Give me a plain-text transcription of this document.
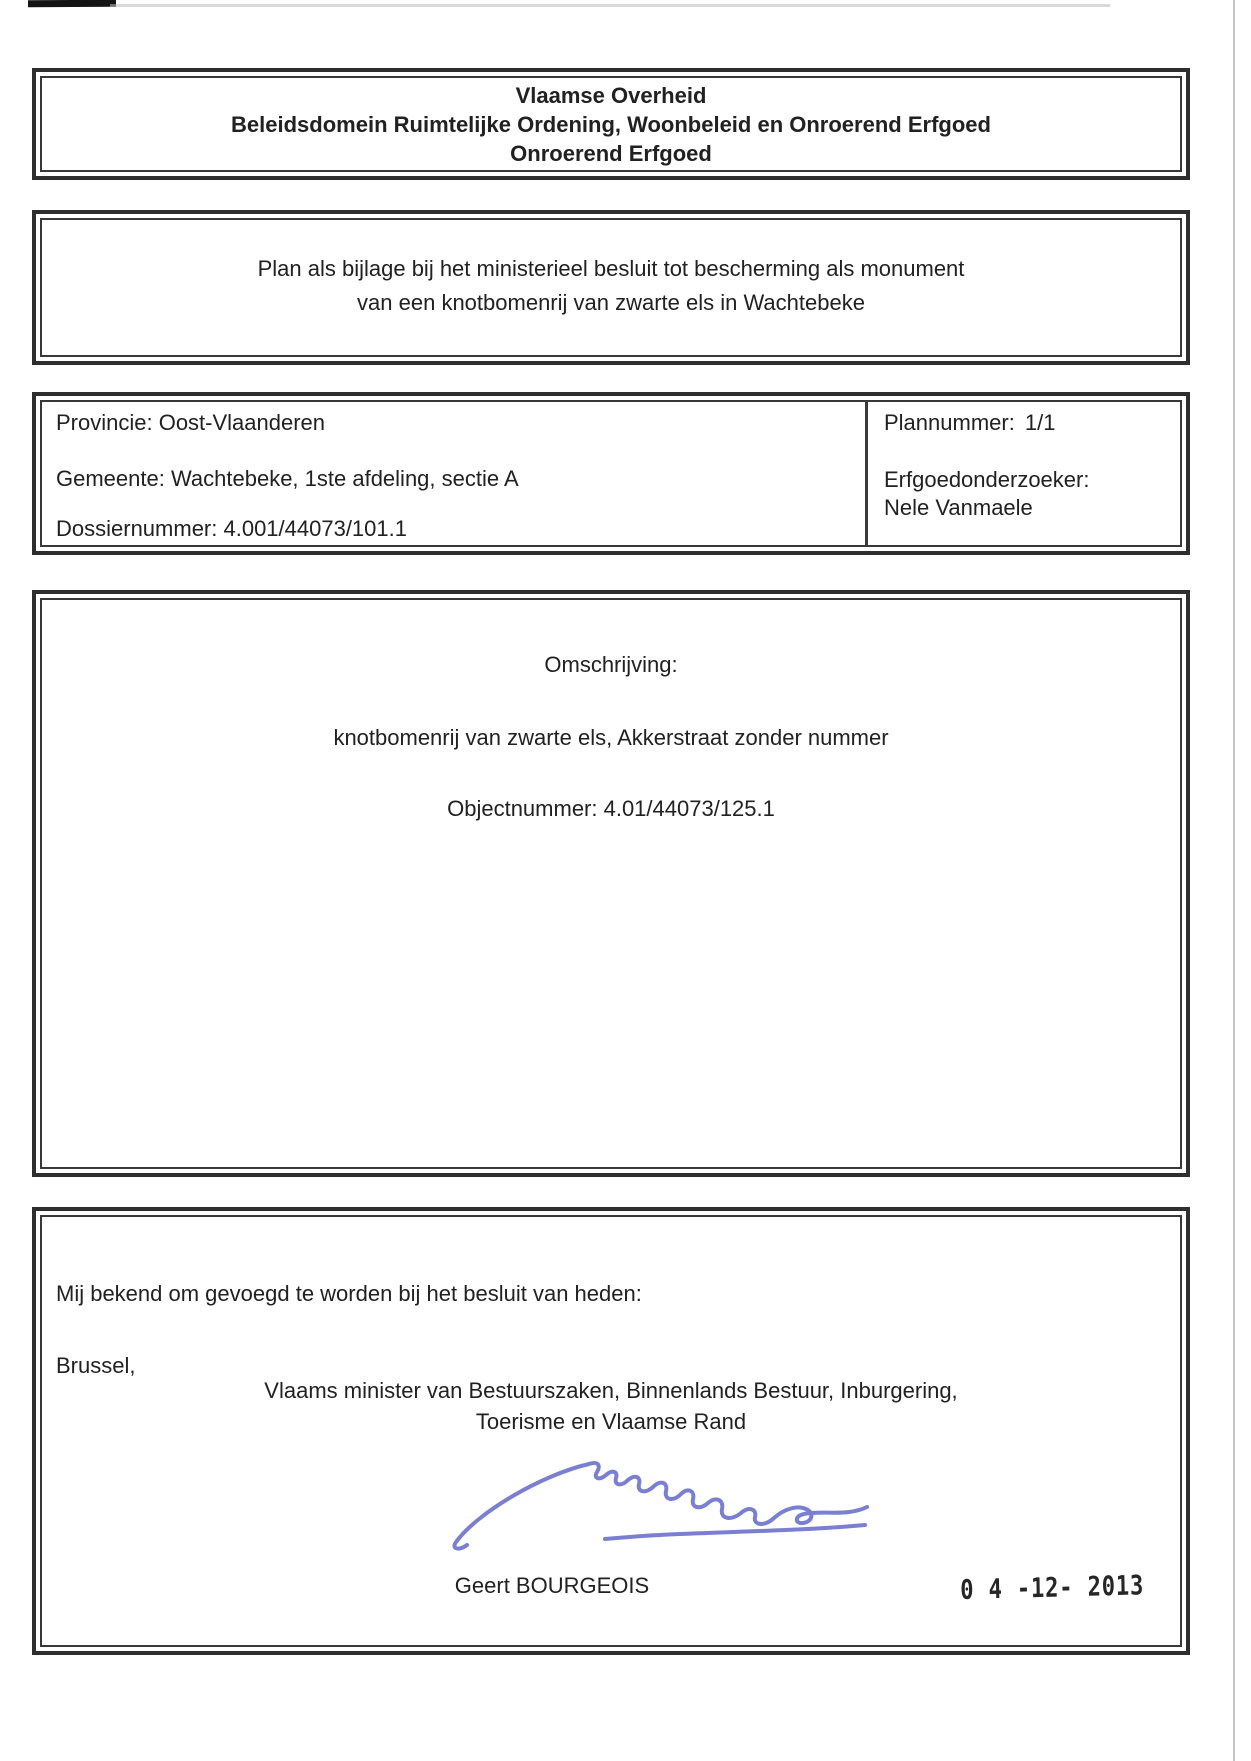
Vlaamse Overheid
Beleidsdomein Ruimtelijke Ordening, Woonbeleid en Onroerend Erfgoed
Onroerend Erfgoed
Plan als bijlage bij het ministerieel besluit tot bescherming als monument
van een knotbomenrij van zwarte els in Wachtebeke
Provincie: Oost-Vlaanderen
Gemeente: Wachtebeke, 1ste afdeling, sectie A
Dossiernummer: 4.001/44073/101.1
Plannummer: 1/1
Erfgoedonderzoeker:
Nele Vanmaele
Omschrijving:
knotbomenrij van zwarte els, Akkerstraat zonder nummer
Objectnummer: 4.01/44073/125.1
Mij bekend om gevoegd te worden bij het besluit van heden:
Brussel,
Vlaams minister van Bestuurszaken, Binnenlands Bestuur, Inburgering,
Toerisme en Vlaamse Rand
Geert BOURGEOIS	0 4 -12- 2013
